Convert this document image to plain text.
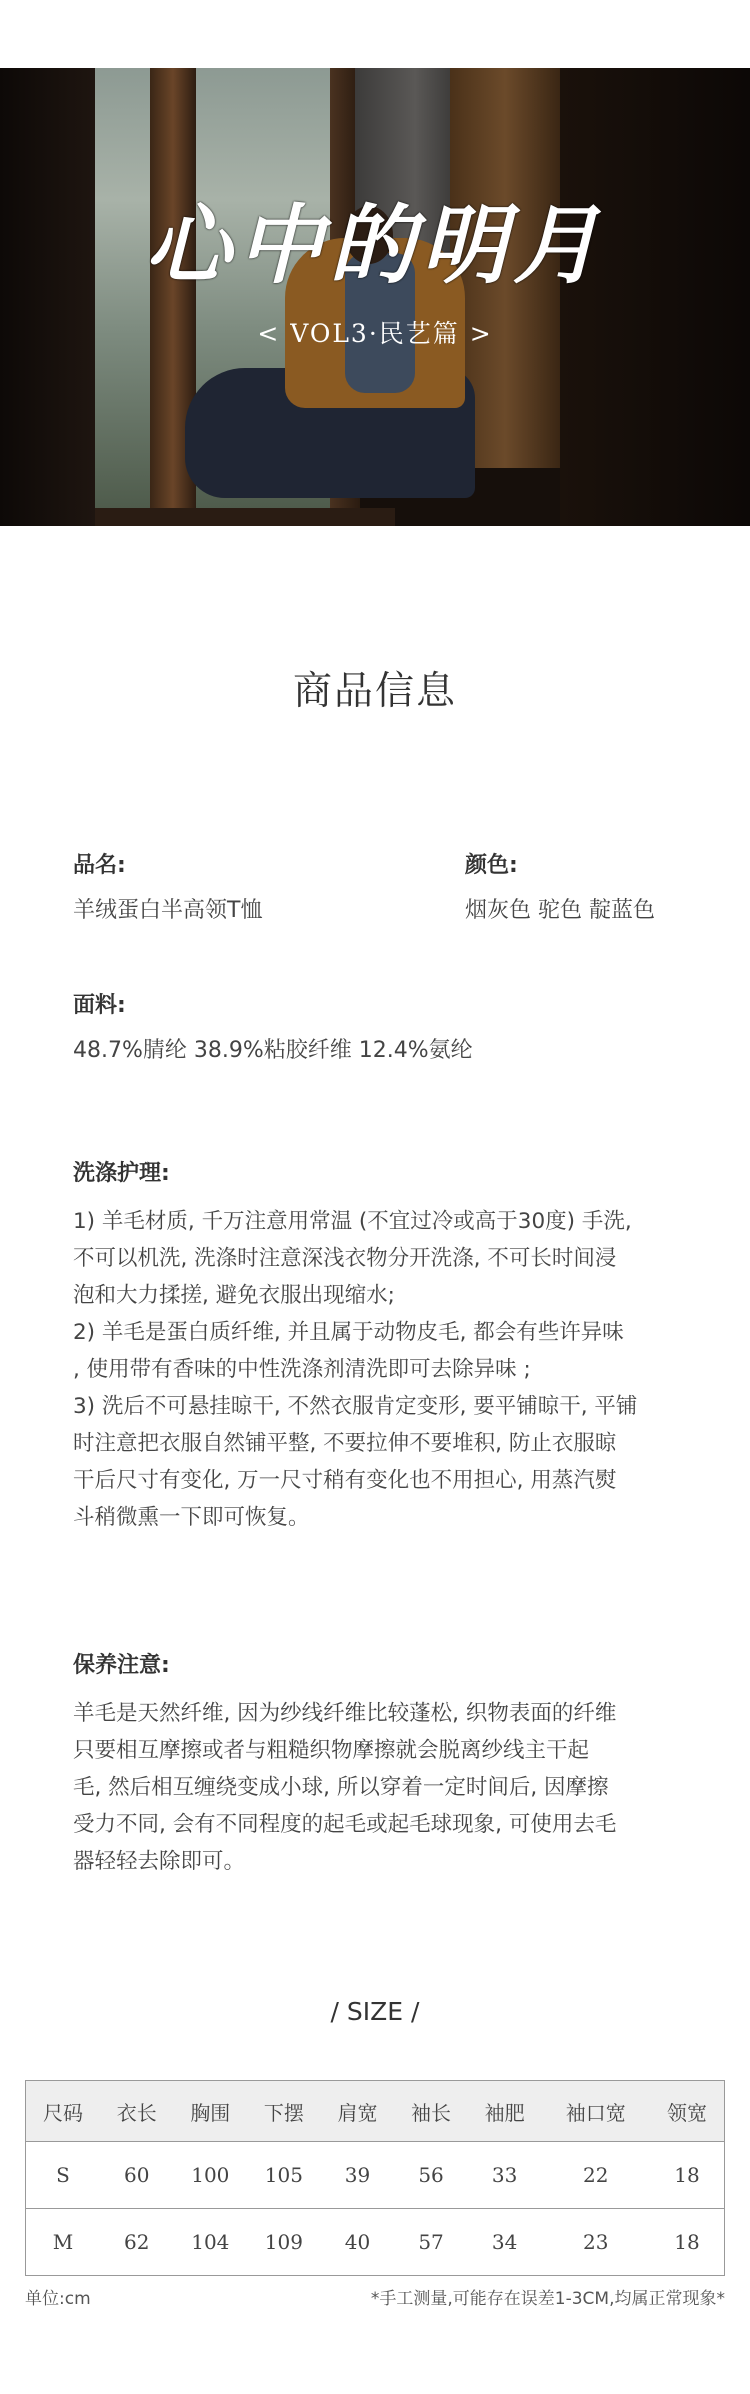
心中的明月
< VOL3·民艺篇 >
商品信息
品名:
羊绒蛋白半高领T恤
颜色:
烟灰色 驼色 靛蓝色
面料:
48.7%腈纶 38.9%粘胶纤维 12.4%氨纶
洗涤护理:
1) 羊毛材质, 千万注意用常温 (不宜过冷或高于30度) 手洗,
不可以机洗, 洗涤时注意深浅衣物分开洗涤, 不可长时间浸
泡和大力揉搓, 避免衣服出现缩水;
2) 羊毛是蛋白质纤维, 并且属于动物皮毛, 都会有些许异味
, 使用带有香味的中性洗涤剂清洗即可去除异味 ;
3) 洗后不可悬挂晾干, 不然衣服肯定变形, 要平铺晾干, 平铺
时注意把衣服自然铺平整, 不要拉伸不要堆积, 防止衣服晾
干后尺寸有变化, 万一尺寸稍有变化也不用担心, 用蒸汽熨
斗稍微熏一下即可恢复。
保养注意:
羊毛是天然纤维, 因为纱线纤维比较蓬松, 织物表面的纤维
只要相互摩擦或者与粗糙织物摩擦就会脱离纱线主干起
毛, 然后相互缠绕变成小球, 所以穿着一定时间后, 因摩擦
受力不同, 会有不同程度的起毛或起毛球现象, 可使用去毛
器轻轻去除即可。
/ SIZE /
尺码	衣长	胸围	下摆	肩宽	袖长	袖肥	袖口宽	领宽
S	60	100	105	39	56	33	22	18
M	62	104	109	40	57	34	23	18
单位:cm	*手工测量,可能存在误差1-3CM,均属正常现象*
